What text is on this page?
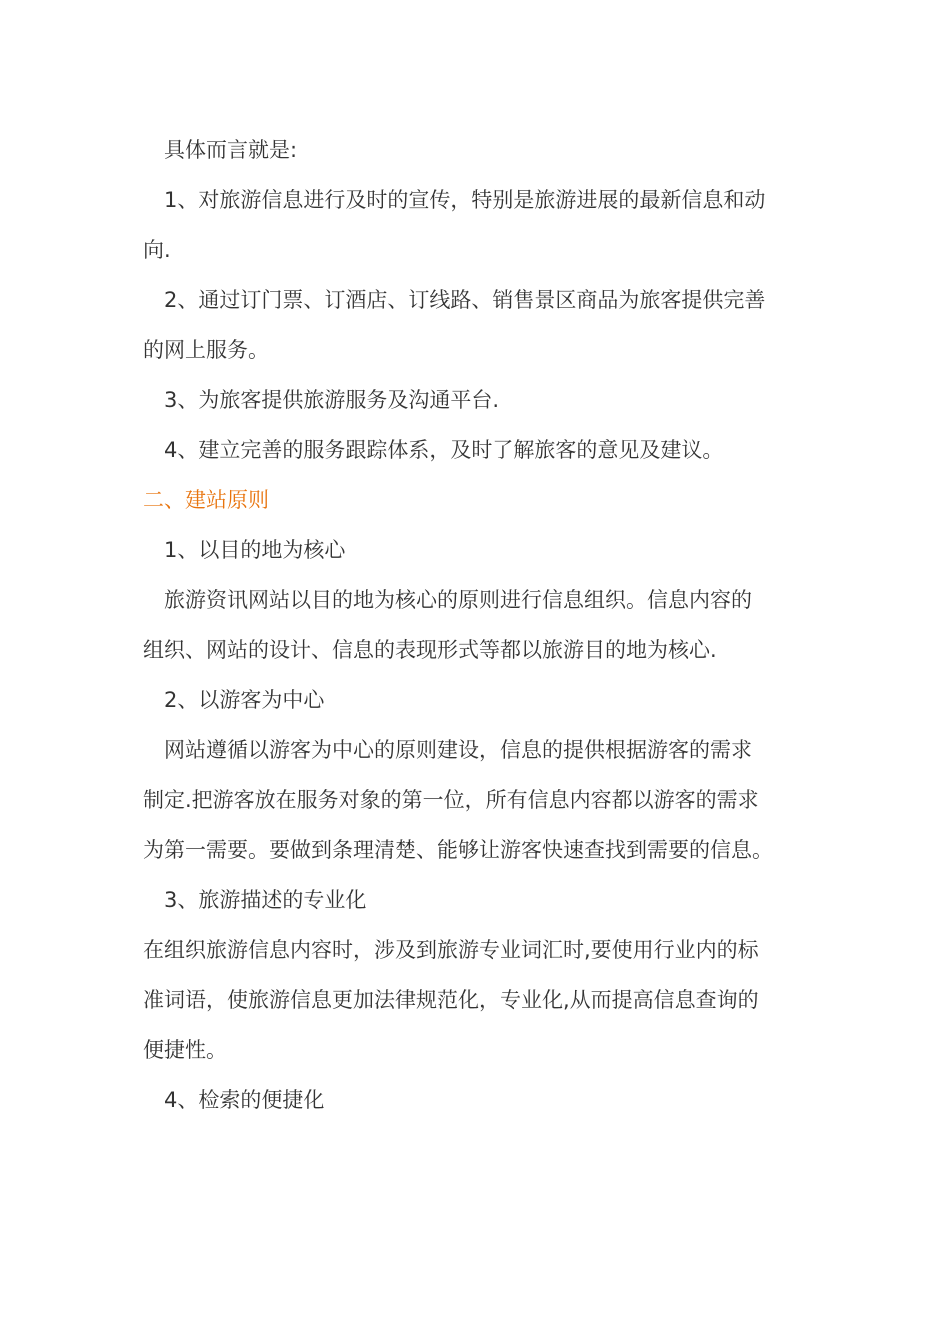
具体而言就是:

1、对旅游信息进行及时的宣传，特别是旅游进展的最新信息和动

向.

2、通过订门票、订酒店、订线路、销售景区商品为旅客提供完善

的网上服务。

3、为旅客提供旅游服务及沟通平台.

4、建立完善的服务跟踪体系，及时了解旅客的意见及建议。

二、建站原则

1、以目的地为核心

旅游资讯网站以目的地为核心的原则进行信息组织。信息内容的

组织、网站的设计、信息的表现形式等都以旅游目的地为核心.

2、以游客为中心

网站遵循以游客为中心的原则建设，信息的提供根据游客的需求

制定.把游客放在服务对象的第一位，所有信息内容都以游客的需求

为第一需要。要做到条理清楚、能够让游客快速查找到需要的信息。

3、旅游描述的专业化

在组织旅游信息内容时，涉及到旅游专业词汇时,要使用行业内的标

准词语，使旅游信息更加法律规范化，专业化,从而提高信息查询的

便捷性。

4、检索的便捷化
